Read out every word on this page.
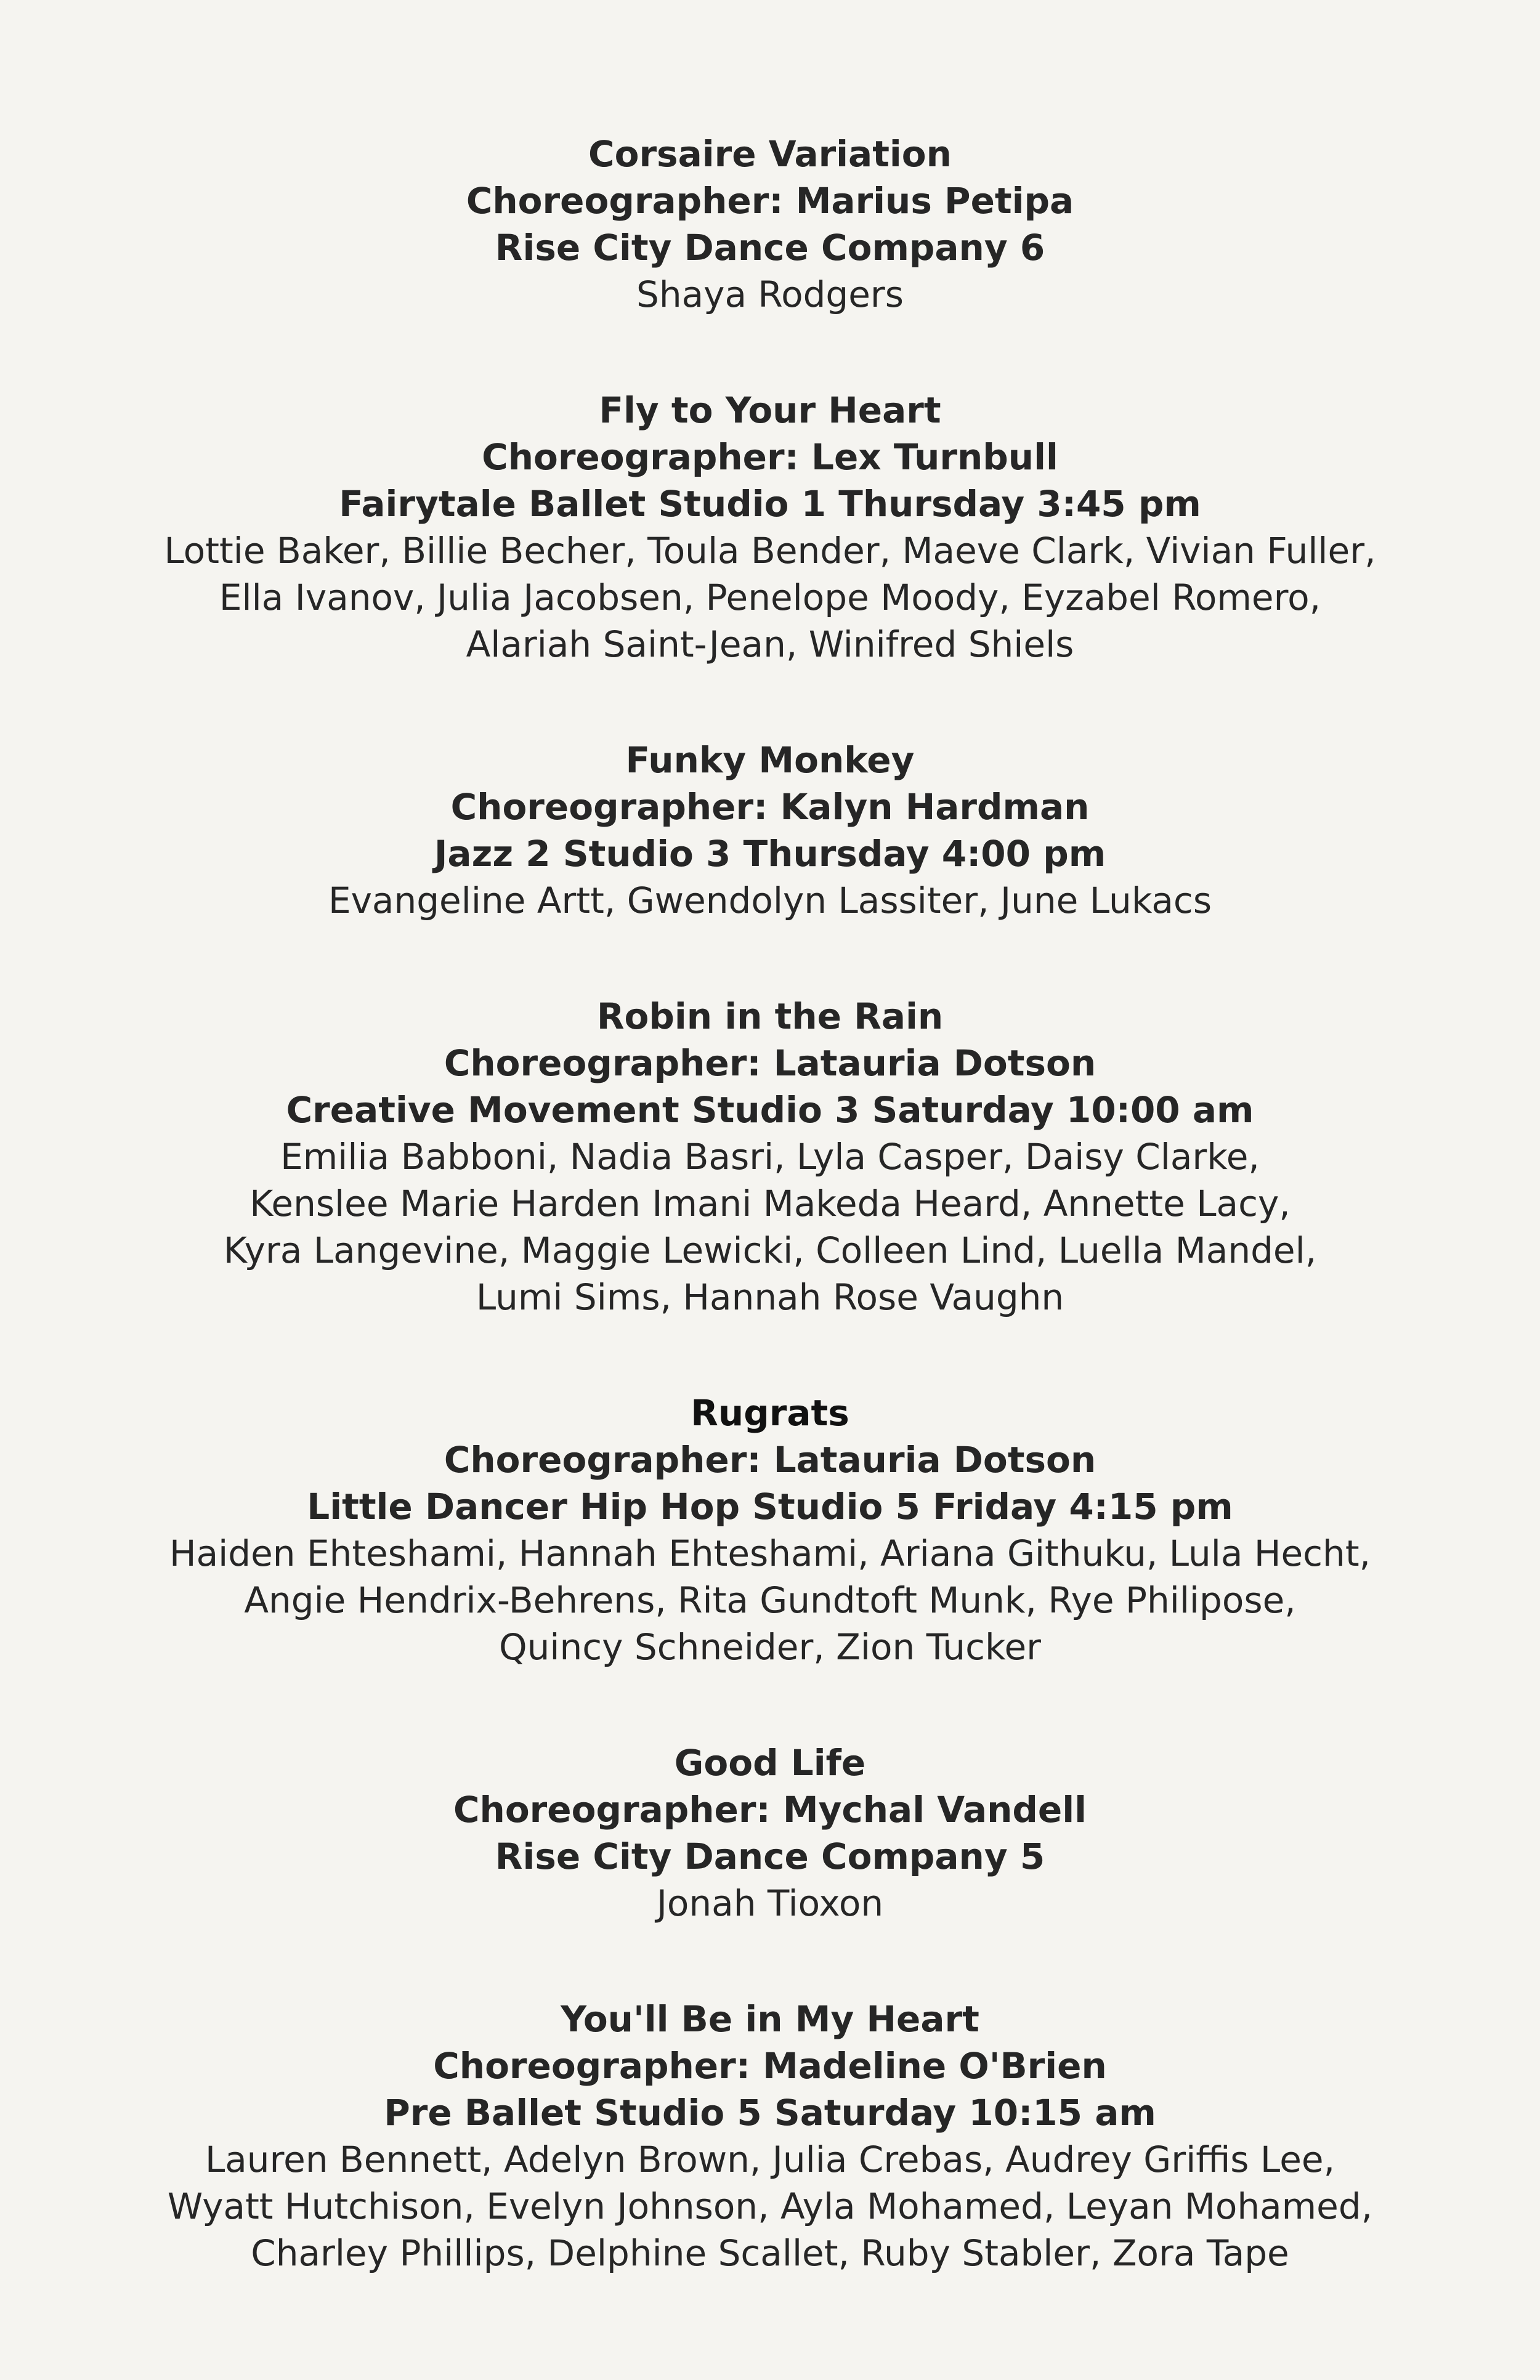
Corsaire Variation
Choreographer: Marius Petipa
Rise City Dance Company 6
Shaya Rodgers
Fly to Your Heart
Choreographer: Lex Turnbull
Fairytale Ballet Studio 1 Thursday 3:45 pm
Lottie Baker, Billie Becher, Toula Bender, Maeve Clark, Vivian Fuller,
Ella Ivanov, Julia Jacobsen, Penelope Moody, Eyzabel Romero,
Alariah Saint-Jean, Winifred Shiels
Funky Monkey
Choreographer: Kalyn Hardman
Jazz 2 Studio 3 Thursday 4:00 pm
Evangeline Artt, Gwendolyn Lassiter, June Lukacs
Robin in the Rain
Choreographer: Latauria Dotson
Creative Movement Studio 3 Saturday 10:00 am
Emilia Babboni, Nadia Basri, Lyla Casper, Daisy Clarke,
Kenslee Marie Harden Imani Makeda Heard, Annette Lacy,
Kyra Langevine, Maggie Lewicki, Colleen Lind, Luella Mandel,
Lumi Sims, Hannah Rose Vaughn
Rugrats
Choreographer: Latauria Dotson
Little Dancer Hip Hop Studio 5 Friday 4:15 pm
Haiden Ehteshami, Hannah Ehteshami, Ariana Githuku, Lula Hecht,
Angie Hendrix-Behrens, Rita Gundtoft Munk, Rye Philipose,
Quincy Schneider, Zion Tucker
Good Life
Choreographer: Mychal Vandell
Rise City Dance Company 5
Jonah Tioxon
You'll Be in My Heart
Choreographer: Madeline O'Brien
Pre Ballet Studio 5 Saturday 10:15 am
Lauren Bennett, Adelyn Brown, Julia Crebas, Audrey Griffis Lee,
Wyatt Hutchison, Evelyn Johnson, Ayla Mohamed, Leyan Mohamed,
Charley Phillips, Delphine Scallet, Ruby Stabler, Zora Tape
